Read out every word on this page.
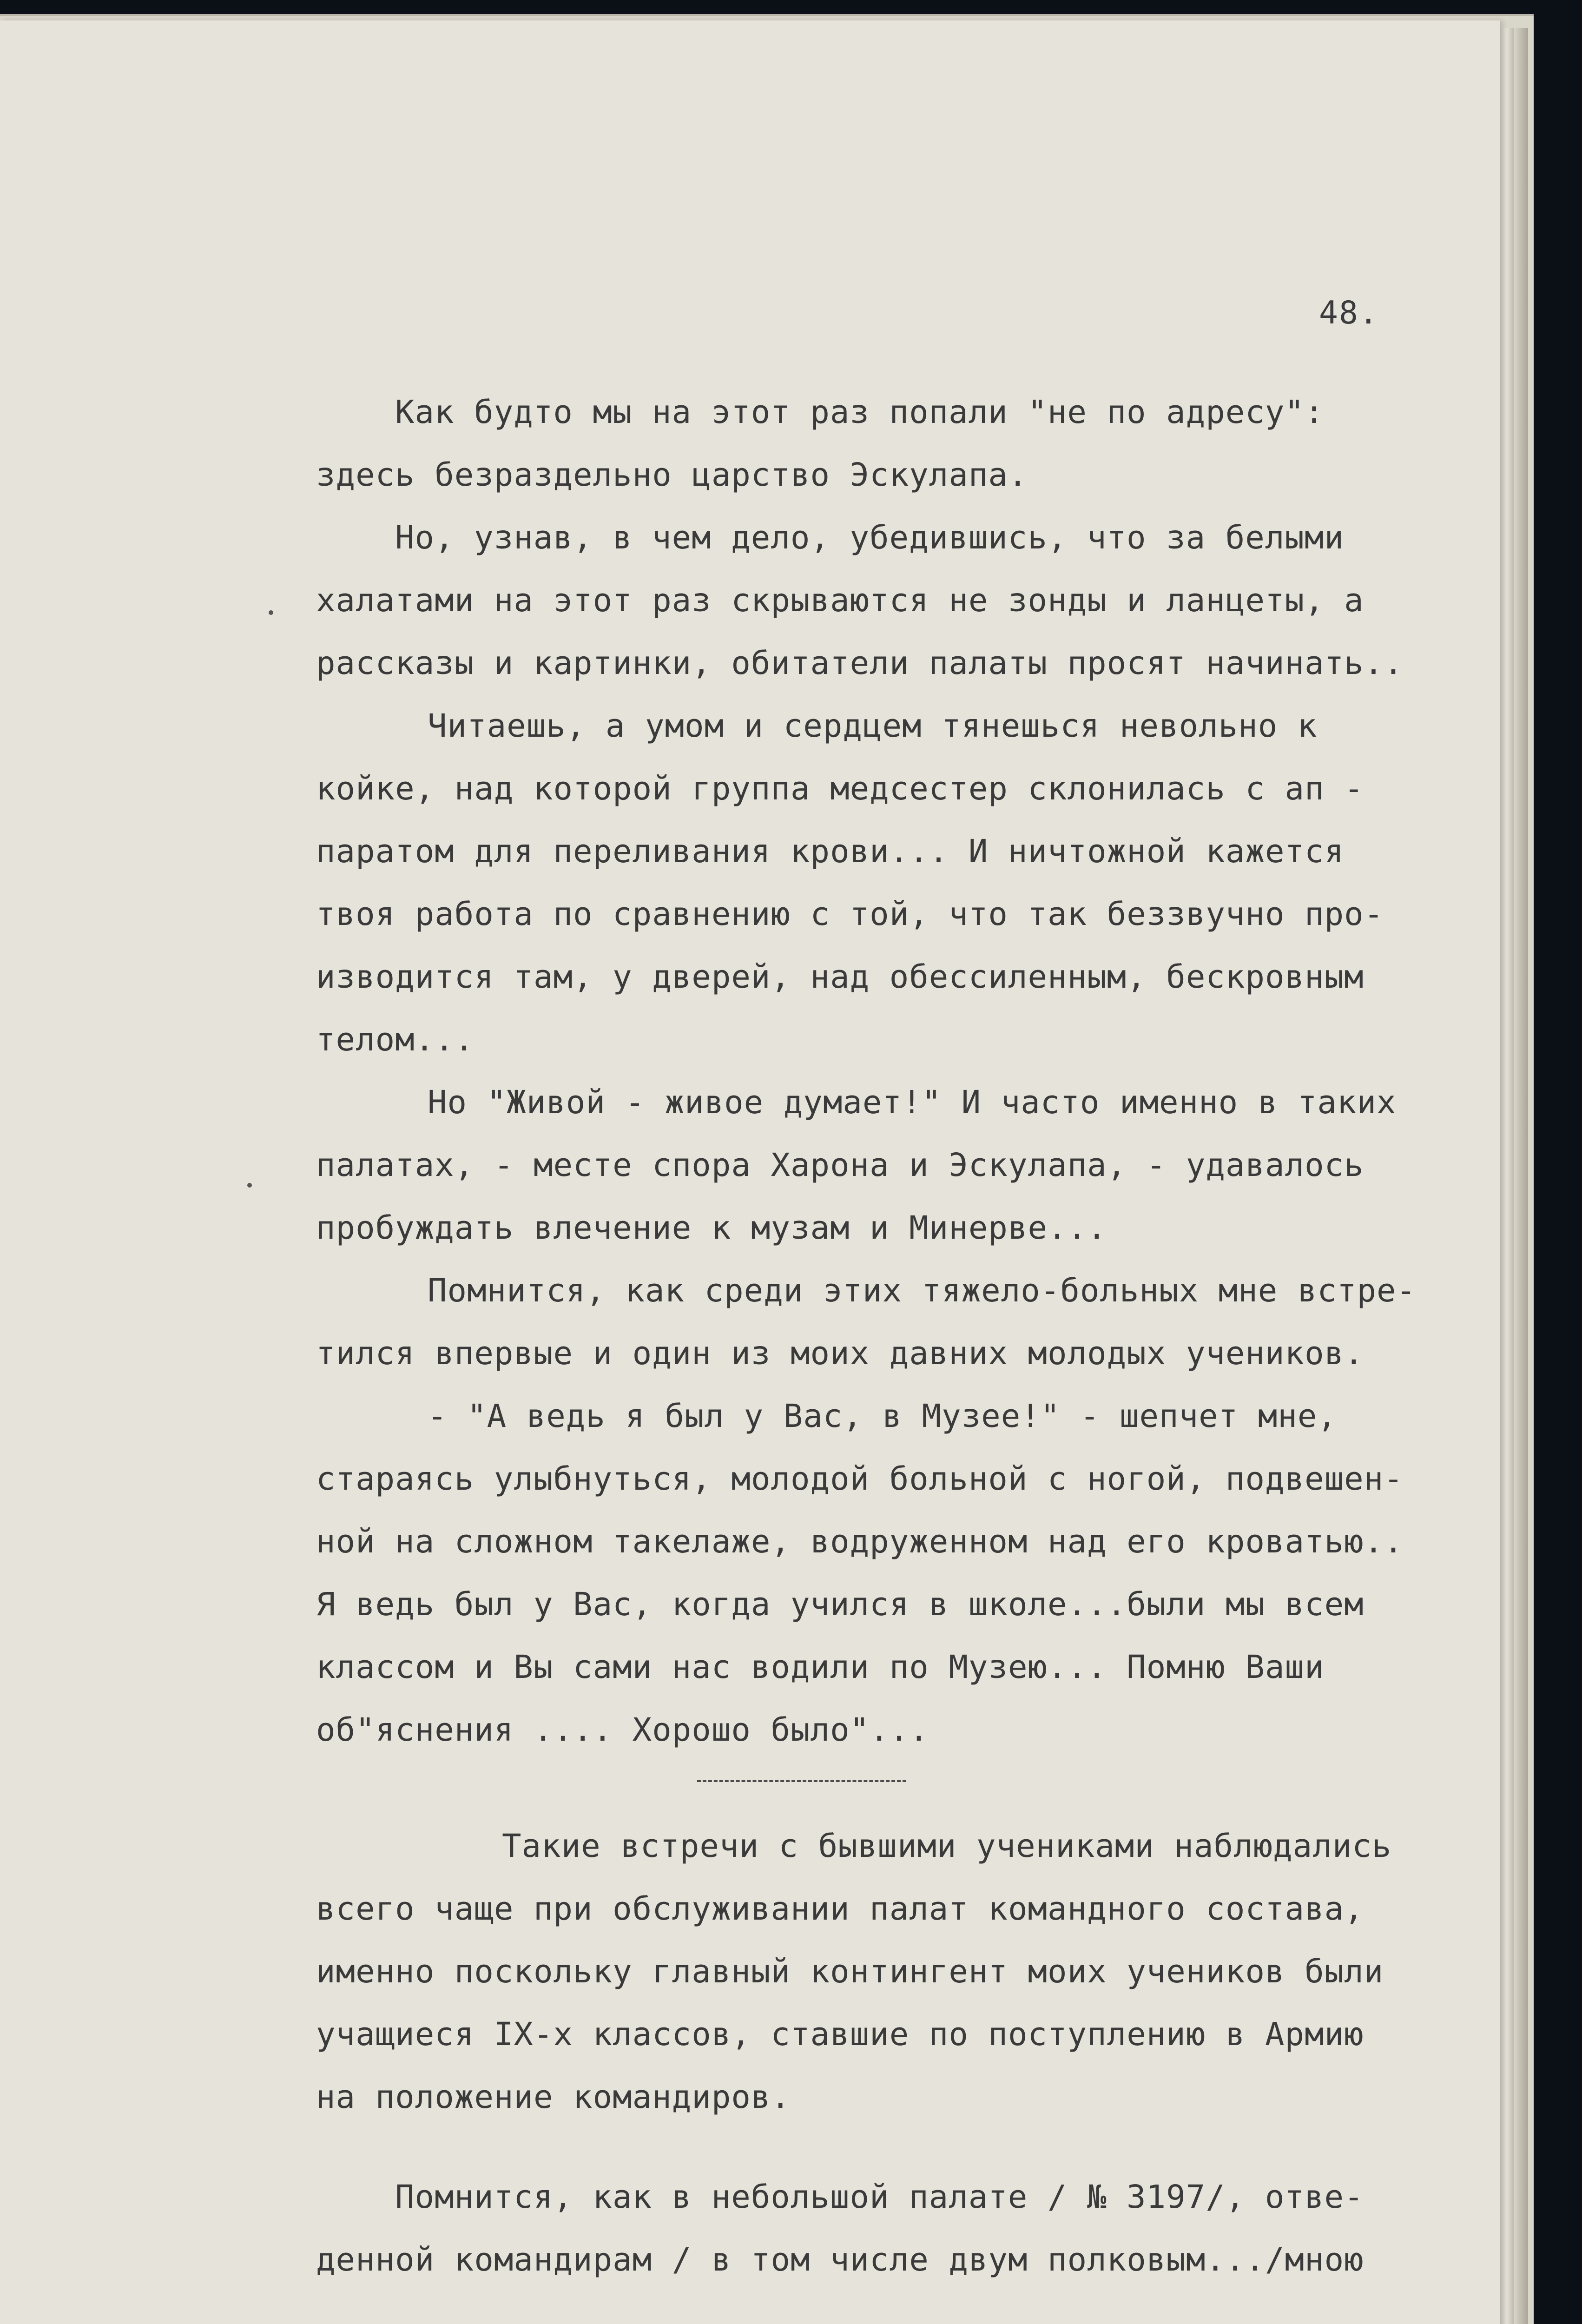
48.
Как будто мы на этот раз попали "не по адресу":
здесь безраздельно царство Эскулапа.
Но, узнав, в чем дело, убедившись, что за белыми
халатами на этот раз скрываются не зонды и ланцеты, а
рассказы и картинки, обитатели палаты просят начинать..
Читаешь, а умом и сердцем тянешься невольно к
койке, над которой группа медсестер склонилась с ап -
паратом для переливания крови... И ничтожной кажется
твоя работа по сравнению с той, что так беззвучно про-
изводится там, у дверей, над обессиленным, бескровным
телом...
Но "Живой - живое думает!" И часто именно в таких
палатах, - месте спора Харона и Эскулапа, - удавалось
пробуждать влечение к музам и Минерве...
Помнится, как среди этих тяжело-больных мне встре-
тился впервые и один из моих давних молодых учеников.
- "А ведь я был у Вас, в Музее!" - шепчет мне,
стараясь улыбнуться, молодой больной с ногой, подвешен-
ной на сложном такелаже, водруженном над его кроватью..
Я ведь был у Вас, когда учился в школе...были мы всем
классом и Вы сами нас водили по Музею... Помню Ваши
об"яснения .... Хорошо было"...
Такие встречи с бывшими учениками наблюдались
всего чаще при обслуживании палат командного состава,
именно поскольку главный контингент моих учеников были
учащиеся IX-х классов, ставшие по поступлению в Армию
на положение командиров.
Помнится, как в небольшой палате / № 3197/, отве-
денной командирам / в том числе двум полковым.../мною
